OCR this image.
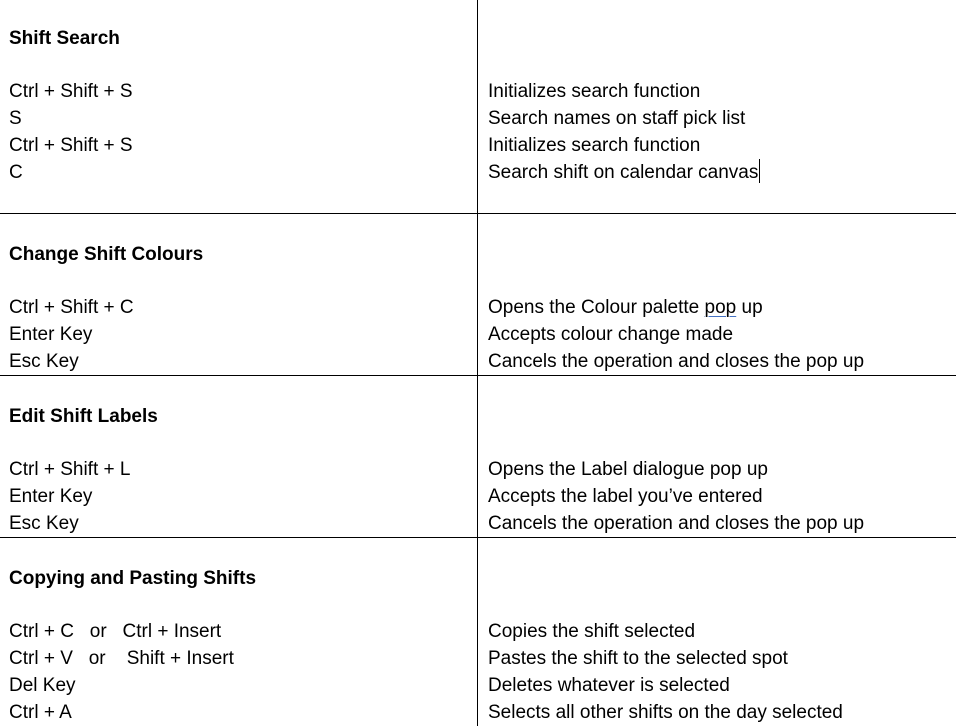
Shift Search
Ctrl + Shift + S	Initializes search function
S	Search names on staff pick list
Ctrl + Shift + S	Initializes search function
C	Search shift on calendar canvas
Change Shift Colours
Ctrl + Shift + C	Opens the Colour palette pop up
Enter Key	Accepts colour change made
Esc Key	Cancels the operation and closes the pop up
Edit Shift Labels
Ctrl + Shift + L	Opens the Label dialogue pop up
Enter Key	Accepts the label you’ve entered
Esc Key	Cancels the operation and closes the pop up
Copying and Pasting Shifts
Ctrl + C   or   Ctrl + Insert	Copies the shift selected
Ctrl + V   or    Shift + Insert	Pastes the shift to the selected spot
Del Key	Deletes whatever is selected
Ctrl + A	Selects all other shifts on the day selected
